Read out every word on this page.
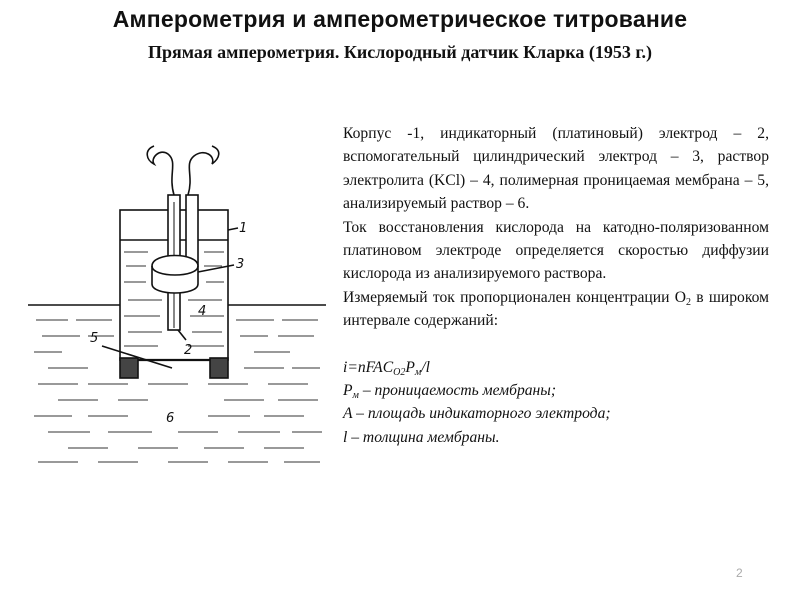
Амперометрия и амперометрическое титрование
Прямая амперометрия. Кислородный датчик Кларка (1953 г.)
1
2
3
4
5
6

Корпус -1, индикаторный (платиновый) электрод – 2, вспомогательный цилиндрический электрод – 3, раствор электролита (KCl) – 4, полимерная проницаемая мембрана – 5, анализируемый раствор – 6.

Ток восстановления кислорода на катодно-поляризованном платиновом электроде определяется скоростью диффузии кислорода из анализируемого раствора.

Измеряемый ток пропорционален концентрации $O_2$ в широком интервале содержаний:

$i=nFAC_{O2}P_м/l$

$P_м$ – проницаемость мембраны;

A – площадь индикаторного электрода;

l – толщина мембраны.

2
